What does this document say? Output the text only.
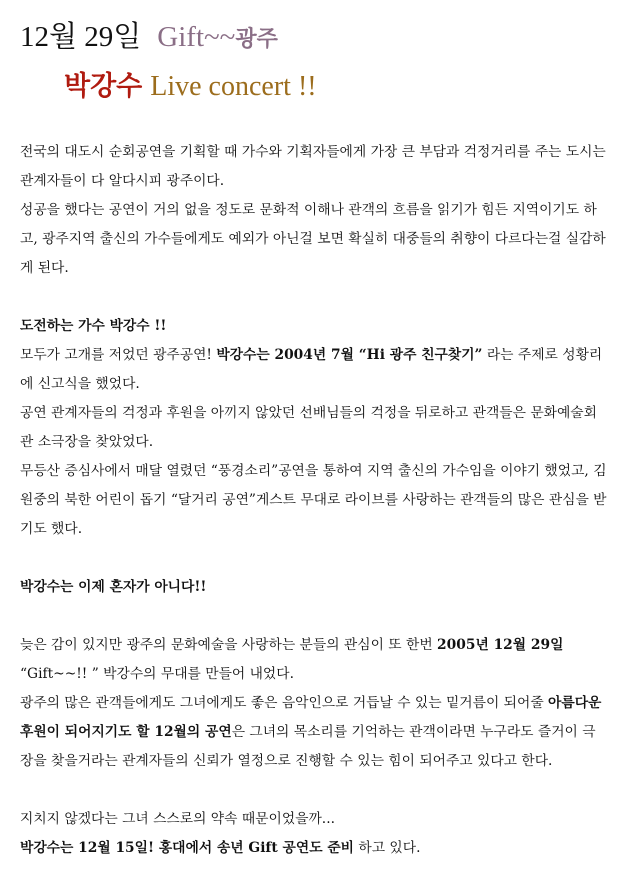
12월 29일 Gift~~광주
박강수 Live concert !!

전국의 대도시 순회공연을 기획할 때 가수와 기획자들에게 가장 큰 부담과 걱정거리를 주는 도시는 관계자들이 다 알다시피 광주이다.

성공을 했다는 공연이 거의 없을 정도로 문화적 이해나 관객의 흐름을 읽기가 힘든 지역이기도 하고, 광주지역 출신의 가수들에게도 예외가 아닌걸 보면 확실히 대중들의 취향이 다르다는걸 실감하게 된다.

도전하는 가수 박강수 !!

모두가 고개를 저었던 광주공연! 박강수는 2004년 7월 “Hi 광주 친구찾기” 라는 주제로 성황리에 신고식을 했었다.

공연 관계자들의 걱정과 후원을 아끼지 않았던 선배님들의 걱정을 뒤로하고 관객들은 문화예술회관 소극장을 찾았었다.

무등산 증심사에서 매달 열렸던 “풍경소리”공연을 통하여 지역 출신의 가수임을 이야기 했었고, 김원중의 북한 어린이 돕기 “달거리 공연”게스트 무대로 라이브를 사랑하는 관객들의 많은 관심을 받기도 했다.

박강수는 이제 혼자가 아니다!!

늦은 감이 있지만 광주의 문화예술을 사랑하는 분들의 관심이 또 한번 2005년 12월 29일 “Gift~~!! ” 박강수의 무대를 만들어 내었다.

광주의 많은 관객들에게도 그녀에게도 좋은 음악인으로 거듭날 수 있는 밑거름이 되어줄 아름다운 후원이 되어지기도 할 12월의 공연은 그녀의 목소리를 기억하는 관객이라면 누구라도 즐거이 극장을 찾을거라는 관계자들의 신뢰가 열정으로 진행할 수 있는 힘이 되어주고 있다고 한다.

지치지 않겠다는 그녀 스스로의 약속 때문이었을까...

박강수는 12월 15일! 홍대에서 송년 Gift 공연도 준비 하고 있다.
